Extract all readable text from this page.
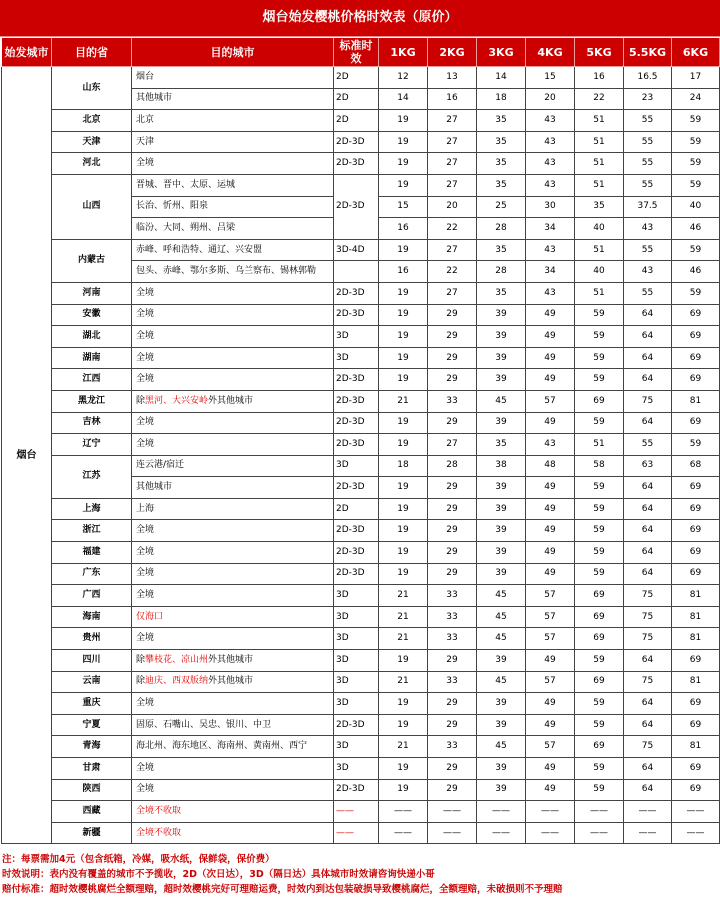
烟台始发樱桃价格时效表（原价）
始发城市	目的省	目的城市	标准时效	1KG	2KG	3KG	4KG	5KG	5.5KG	6KG
烟台	山东	烟台	2D	12	13	14	15	16	16.5	17
		其他城市	2D	14	16	18	20	22	23	24
	北京	北京	2D	19	27	35	43	51	55	59
	天津	天津	2D-3D	19	27	35	43	51	55	59
	河北	全境	2D-3D	19	27	35	43	51	55	59
	山西	晋城、晋中、太原、运城	2D-3D	19	27	35	43	51	55	59
		长治、忻州、阳泉		15	20	25	30	35	37.5	40
		临汾、大同、朔州、吕梁		16	22	28	34	40	43	46
	内蒙古	赤峰、呼和浩特、通辽、兴安盟	3D-4D	19	27	35	43	51	55	59
		包头、赤峰、鄂尔多斯、乌兰察布、锡林郭勒		16	22	28	34	40	43	46
	河南	全境	2D-3D	19	27	35	43	51	55	59
	安徽	全境	2D-3D	19	29	39	49	59	64	69
	湖北	全境	3D	19	29	39	49	59	64	69
	湖南	全境	3D	19	29	39	49	59	64	69
	江西	全境	2D-3D	19	29	39	49	59	64	69
	黑龙江	除黑河、大兴安岭外其他城市	2D-3D	21	33	45	57	69	75	81
	吉林	全境	2D-3D	19	29	39	49	59	64	69
	辽宁	全境	2D-3D	19	27	35	43	51	55	59
	江苏	连云港/宿迁	3D	18	28	38	48	58	63	68
		其他城市	2D-3D	19	29	39	49	59	64	69
	上海	上海	2D	19	29	39	49	59	64	69
	浙江	全境	2D-3D	19	29	39	49	59	64	69
	福建	全境	2D-3D	19	29	39	49	59	64	69
	广东	全境	2D-3D	19	29	39	49	59	64	69
	广西	全境	3D	21	33	45	57	69	75	81
	海南	仅海口	3D	21	33	45	57	69	75	81
	贵州	全境	3D	21	33	45	57	69	75	81
	四川	除攀枝花、凉山州外其他城市	3D	19	29	39	49	59	64	69
	云南	除迪庆、西双版纳外其他城市	3D	21	33	45	57	69	75	81
	重庆	全境	3D	19	29	39	49	59	64	69
	宁夏	固原、石嘴山、吴忠、银川、中卫	2D-3D	19	29	39	49	59	64	69
	青海	海北州、海东地区、海南州、黄南州、西宁	3D	21	33	45	57	69	75	81
	甘肃	全境	3D	19	29	39	49	59	64	69
	陕西	全境	2D-3D	19	29	39	49	59	64	69
	西藏	全境不收取	——	——	——	——	——	——	——	——
	新疆	全境不收取	——	——	——	——	——	——	——	——
注：每票需加4元（包含纸箱，冷媒，吸水纸，保鲜袋，保价费）
时效说明：表内没有覆盖的城市不予揽收，2D（次日达），3D（隔日达）具体城市时效请咨询快递小哥
赔付标准：超时效樱桃腐烂全额理赔，超时效樱桃完好可理赔运费，时效内到达包装破损导致樱桃腐烂，全额理赔，未破损则不予理赔
